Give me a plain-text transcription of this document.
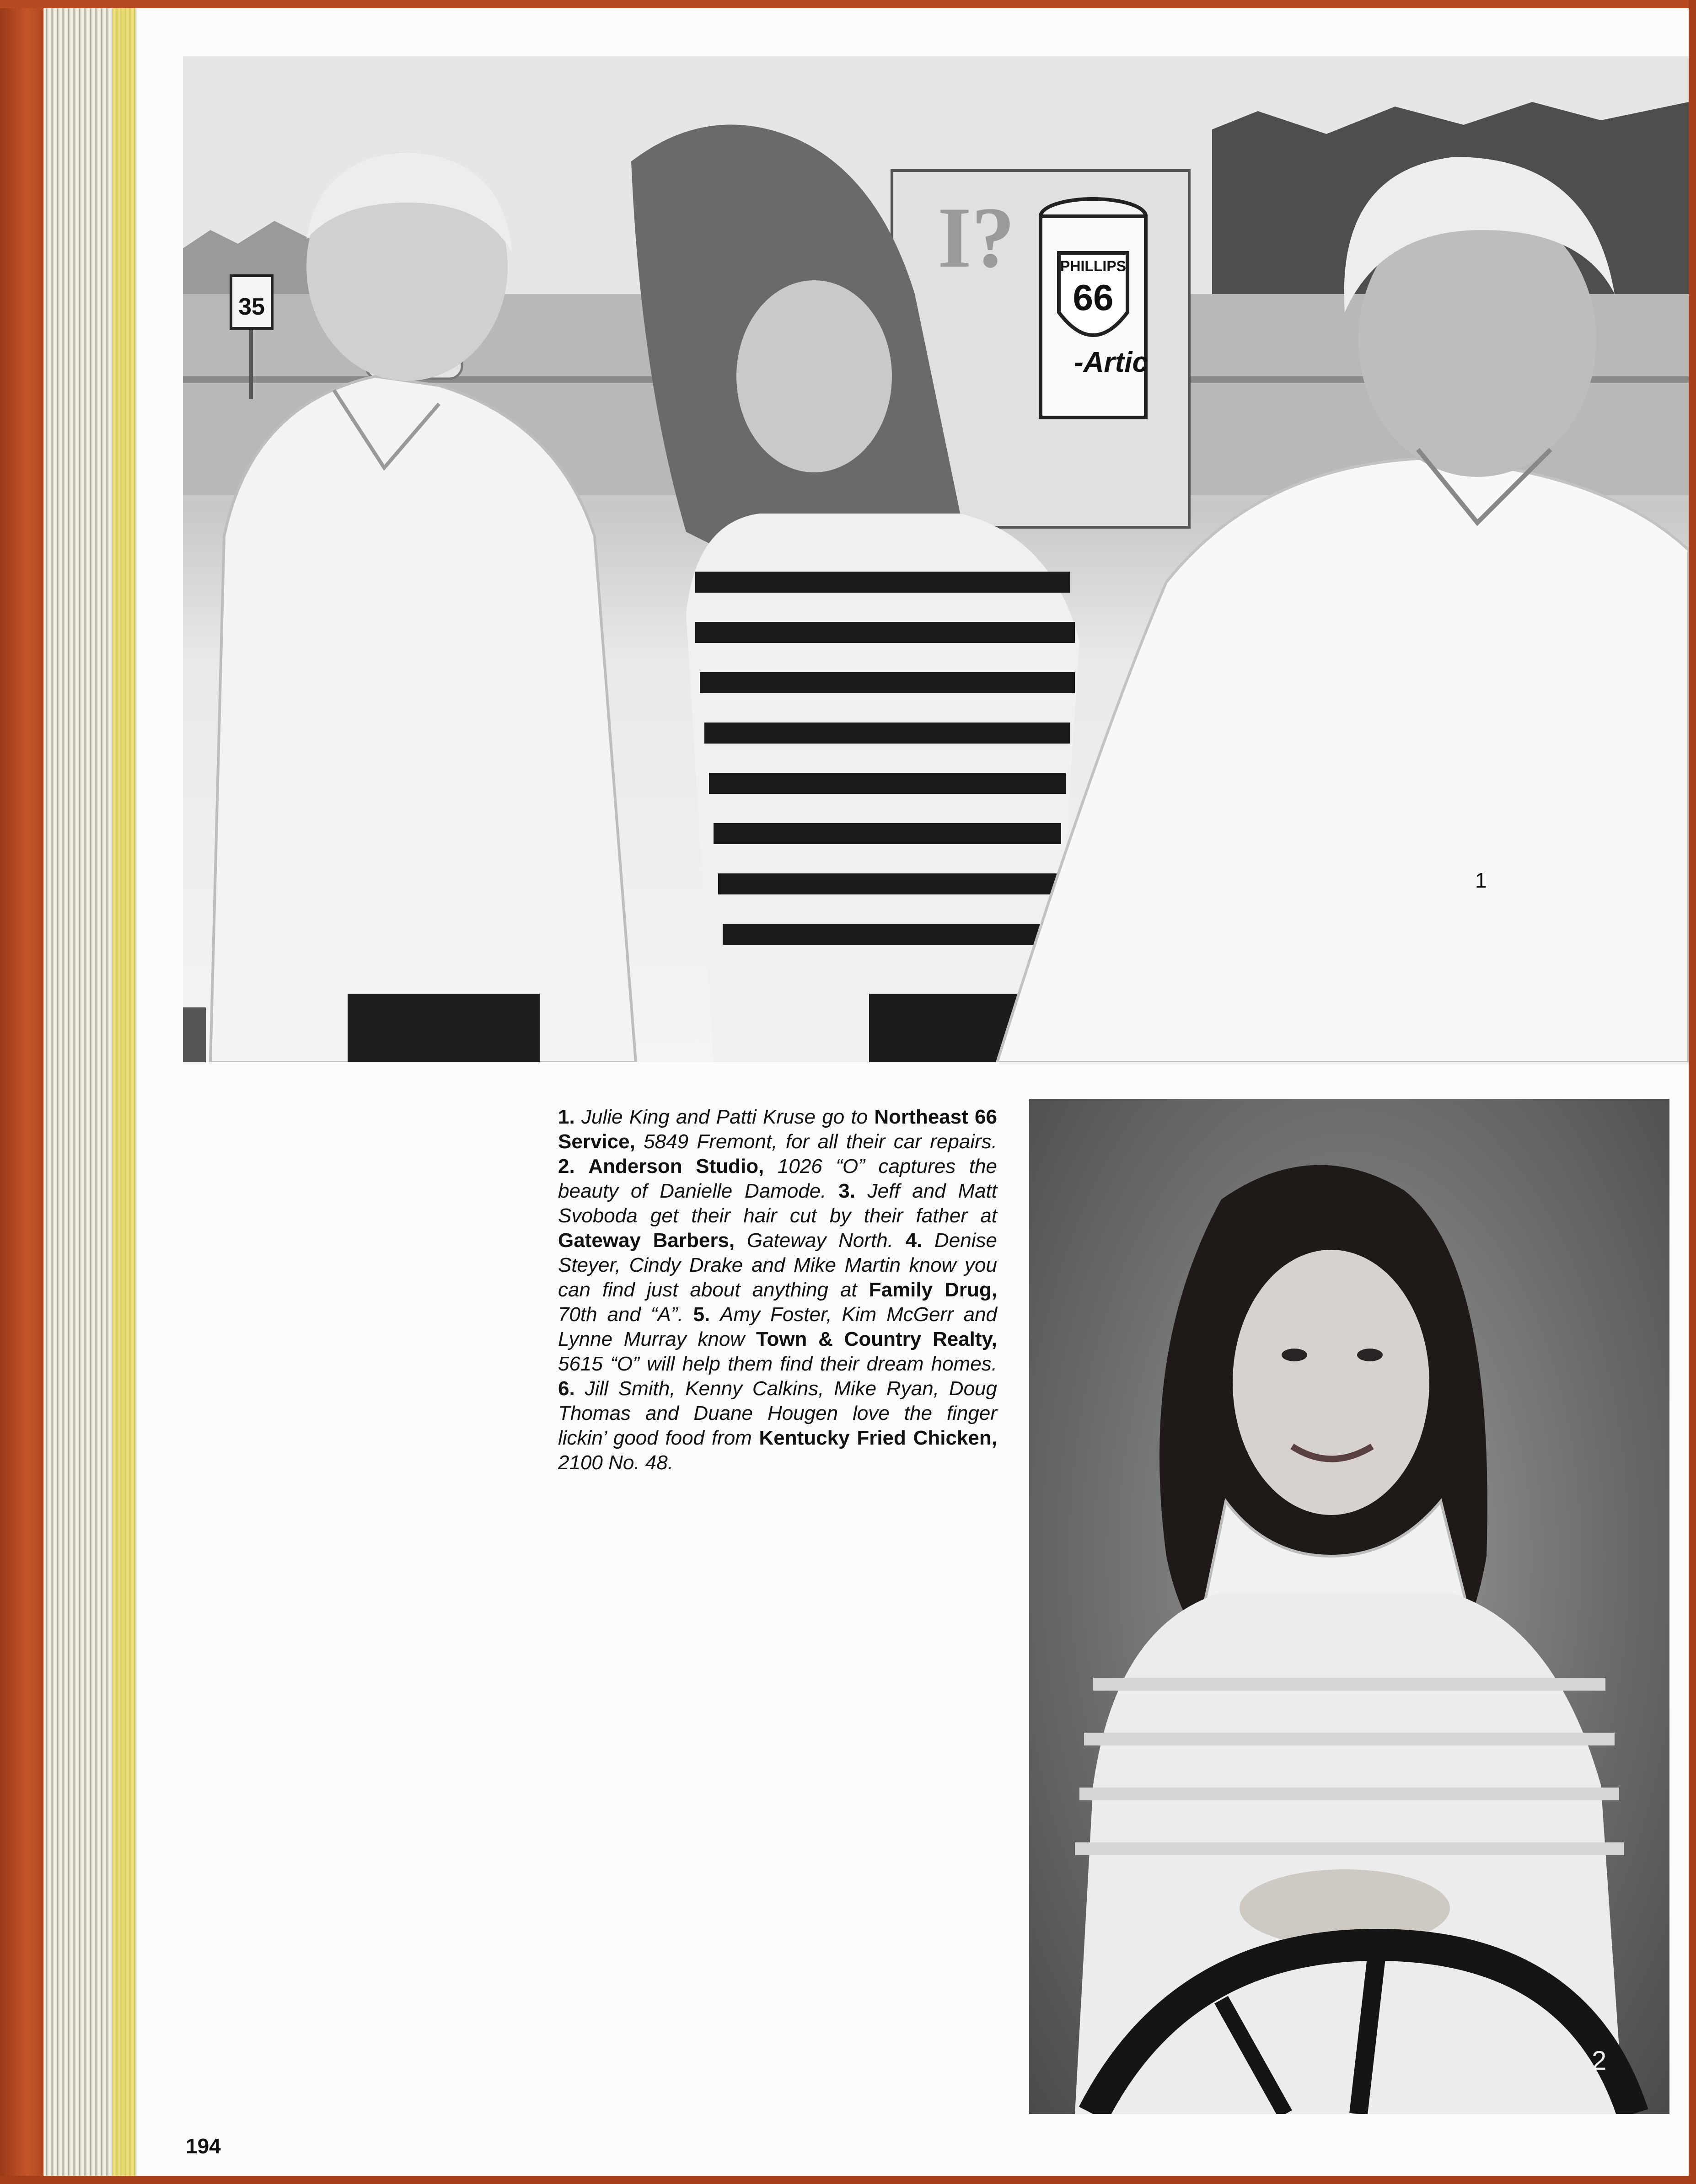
35
I?	PHILLIPS
66
-Artic
1
1. Julie King and Patti Kruse go to Northeast 66 Service, 5849 Fremont, for all their car repairs. 2. Anderson Studio, 1026 “O” captures the beauty of Danielle Damode. 3. Jeff and Matt Svoboda get their hair cut by their father at Gateway Barbers, Gateway North. 4. Denise Steyer, Cindy Drake and Mike Martin know you can find just about anything at Family Drug, 70th and “A”. 5. Amy Foster, Kim McGerr and Lynne Murray know Town & Country Realty, 5615 “O” will help them find their dream homes. 6. Jill Smith, Kenny Calkins, Mike Ryan, Doug Thomas and Duane Hougen love the finger lickin’ good food from Kentucky Fried Chicken, 2100 No. 48.
2
194
